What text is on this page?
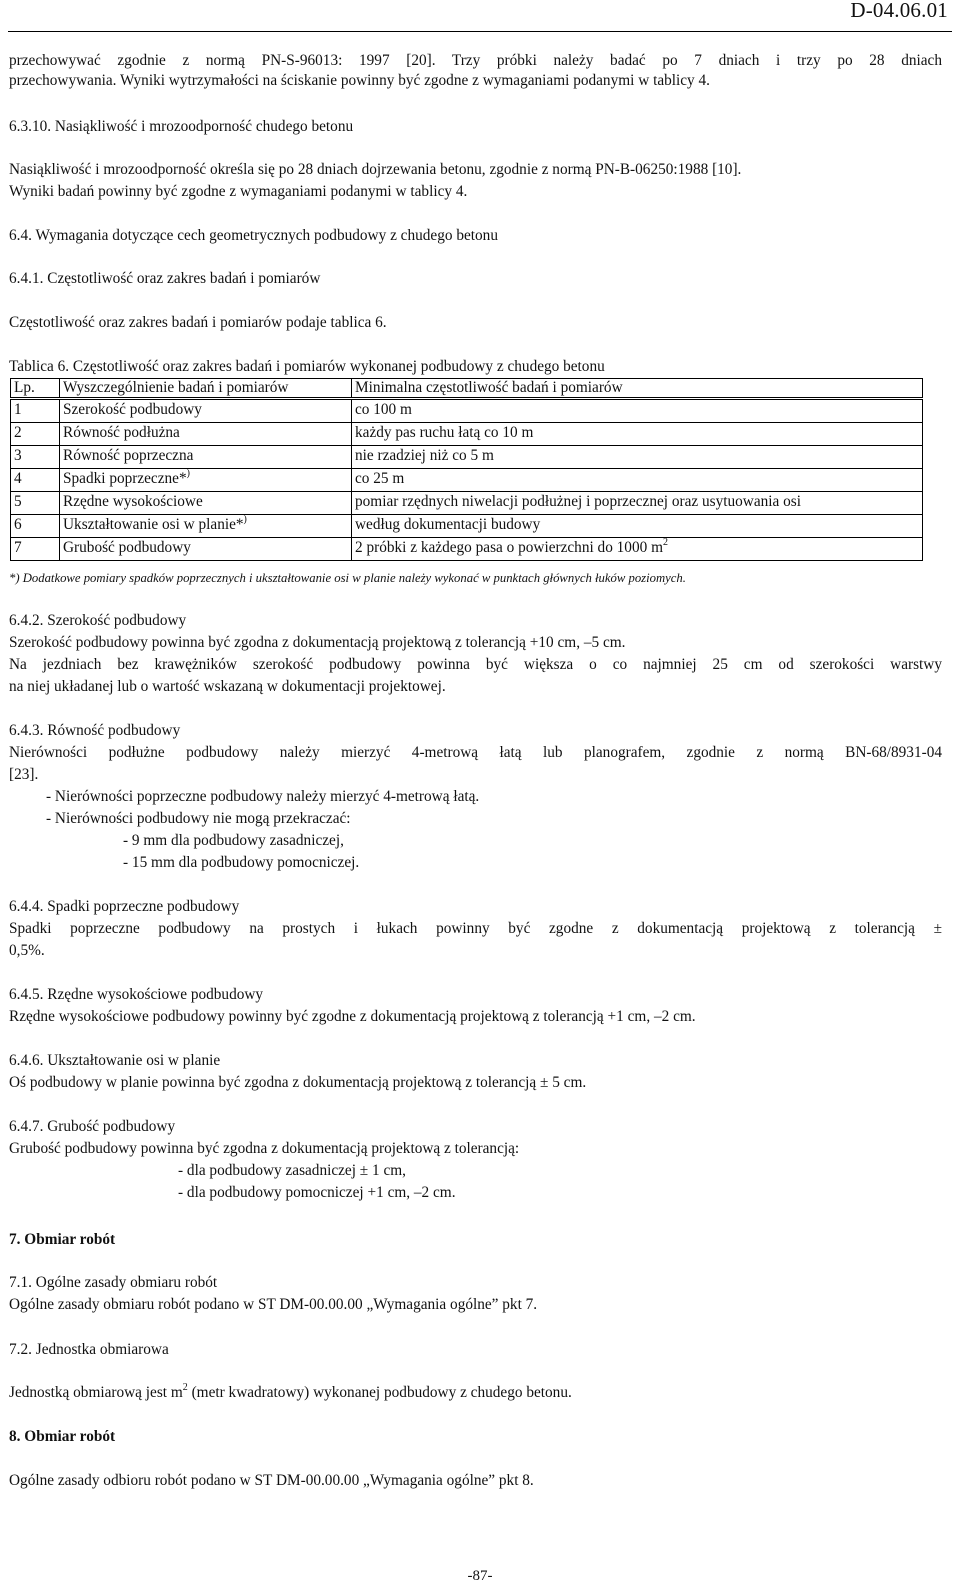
D-04.06.01
przechowywać zgodnie z normą PN-S-96013: 1997 [20]. Trzy próbki należy badać po 7 dniach i trzy po 28 dniach
przechowywania. Wyniki wytrzymałości na ściskanie powinny być zgodne z wymaganiami podanymi w tablicy 4.
6.3.10. Nasiąkliwość i mrozoodporność chudego betonu
Nasiąkliwość i mrozoodporność określa się po 28 dniach dojrzewania betonu, zgodnie z normą PN-B-06250:1988 [10].
Wyniki badań powinny być zgodne z wymaganiami podanymi w tablicy 4.
6.4. Wymagania dotyczące cech geometrycznych podbudowy z chudego betonu
6.4.1. Częstotliwość oraz zakres badań i pomiarów
Częstotliwość oraz zakres badań i pomiarów podaje tablica 6.
Tablica 6. Częstotliwość oraz zakres badań i pomiarów wykonanej podbudowy z chudego betonu
Lp.	Wyszczególnienie badań i pomiarów	Minimalna częstotliwość badań i pomiarów
1	Szerokość podbudowy	co 100 m
2	Równość podłużna	każdy pas ruchu łatą co 10 m
3	Równość poprzeczna	nie rzadziej niż co 5 m
4	Spadki poprzeczne*)	co 25 m
5	Rzędne wysokościowe	pomiar rzędnych niwelacji podłużnej i poprzecznej oraz usytuowania osi
6	Ukształtowanie osi w planie*)	według dokumentacji budowy
7	Grubość podbudowy	2 próbki z każdego pasa o powierzchni do 1000 $m^2$
*) Dodatkowe pomiary spadków poprzecznych i ukształtowanie osi w planie należy wykonać w punktach głównych łuków poziomych.
6.4.2. Szerokość podbudowy
Szerokość podbudowy powinna być zgodna z dokumentacją projektową z tolerancją +10 cm, –5 cm.
Na jezdniach bez krawężników szerokość podbudowy powinna być większa o co najmniej 25 cm od szerokości warstwy
na niej układanej lub o wartość wskazaną w dokumentacji projektowej.
6.4.3. Równość podbudowy
Nierówności podłużne podbudowy należy mierzyć 4-metrową łatą lub planografem, zgodnie z normą BN-68/8931-04
[23].
- Nierówności poprzeczne podbudowy należy mierzyć 4-metrową łatą.
- Nierówności podbudowy nie mogą przekraczać:
- 9 mm dla podbudowy zasadniczej,
- 15 mm dla podbudowy pomocniczej.
6.4.4. Spadki poprzeczne podbudowy
Spadki poprzeczne podbudowy na prostych i łukach powinny być zgodne z dokumentacją projektową z tolerancją ±
0,5%.
6.4.5. Rzędne wysokościowe podbudowy
Rzędne wysokościowe podbudowy powinny być zgodne z dokumentacją projektową z tolerancją +1 cm, –2 cm.
6.4.6. Ukształtowanie osi w planie
Oś podbudowy w planie powinna być zgodna z dokumentacją projektową z tolerancją ± 5 cm.
6.4.7. Grubość podbudowy
Grubość podbudowy powinna być zgodna z dokumentacją projektową z tolerancją:
- dla podbudowy zasadniczej ± 1 cm,
- dla podbudowy pomocniczej +1 cm, –2 cm.
7. Obmiar robót
7.1. Ogólne zasady obmiaru robót
Ogólne zasady obmiaru robót podano w ST DM-00.00.00 „Wymagania ogólne” pkt 7.
7.2. Jednostka obmiarowa
Jednostką obmiarową jest $m^2$ (metr kwadratowy) wykonanej podbudowy z chudego betonu.
8. Obmiar robót
Ogólne zasady odbioru robót podano w ST DM-00.00.00 „Wymagania ogólne” pkt 8.
-87-
